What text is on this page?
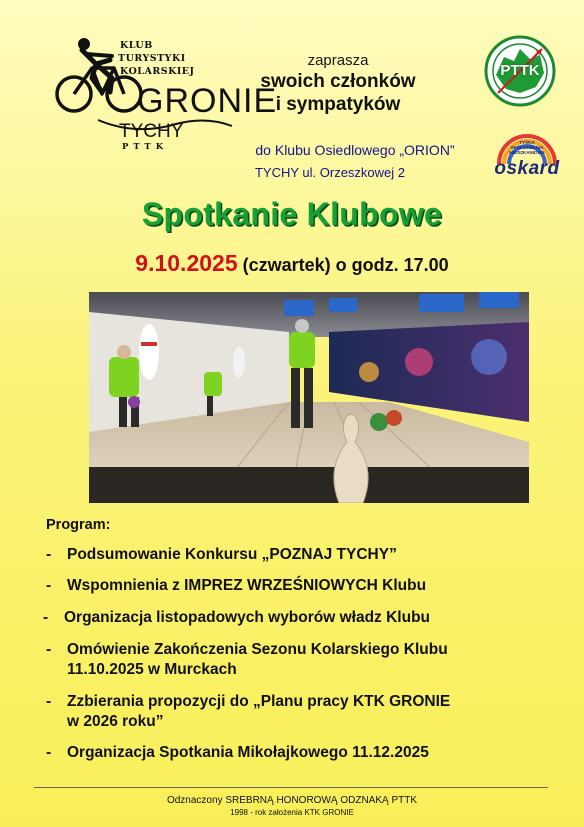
KLUB
TURYSTYKI
KOLARSKIEJ
GRONIE
TYCHY
PTTK
zaprasza
swoich członków
i sympatyków
do Klubu Osiedlowego „ORION”
TYCHY ul. Orzeszkowej 2
PTTK
TYSKA SPÓŁDZIELNIA MIESZKANIOWA
oskard
Spotkanie Klubowe
9.10.2025 (czwartek) o godz. 17.00
Program:
- Podsumowanie Konkursu „POZNAJ TYCHY”
- Wspomnienia z IMPREZ WRZEŚNIOWYCH Klubu
- Organizacja listopadowych wyborów władz Klubu
- Omówienie Zakończenia Sezonu Kolarskiego Klubu
11.10.2025 w Murckach
- Zzbierania propozycji do „Planu pracy KTK GRONIE
w 2026 roku”
- Organizacja Spotkania Mikołajkowego 11.12.2025
Odznaczony SREBRNĄ HONOROWĄ ODZNAKĄ PTTK
1998 - rok założenia KTK GRONIE
